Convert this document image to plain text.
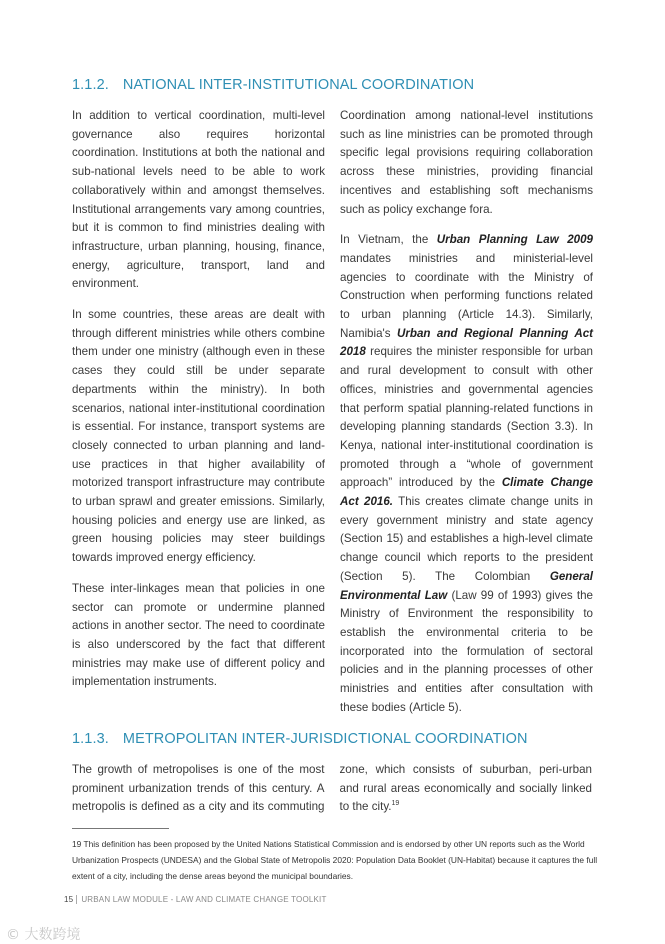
1.1.2. NATIONAL INTER-INSTITUTIONAL COORDINATION

In addition to vertical coordination, multi-level governance also requires horizontal coordination. Institutions at both the national and sub-national levels need to be able to work collaboratively within and amongst themselves. Institutional arrangements vary among countries, but it is common to find ministries dealing with infrastructure, urban planning, housing, finance, energy, agriculture, transport, land and environment.

In some countries, these areas are dealt with through different ministries while others combine them under one ministry (although even in these cases they could still be under separate departments within the ministry). In both scenarios, national inter-institutional coordination is essential. For instance, transport systems are closely connected to urban planning and land-use practices in that higher availability of motorized transport infrastructure may contribute to urban sprawl and greater emissions. Similarly, housing policies and energy use are linked, as green housing policies may steer buildings towards improved energy efficiency.

These inter-linkages mean that policies in one sector can promote or undermine planned actions in another sector. The need to coordinate is also underscored by the fact that different ministries may make use of different policy and implementation instruments.

Coordination among national-level institutions such as line ministries can be promoted through specific legal provisions requiring collaboration across these ministries, providing financial incentives and establishing soft mechanisms such as policy exchange fora.

In Vietnam, the Urban Planning Law 2009 mandates ministries and ministerial-level agencies to coordinate with the Ministry of Construction when performing functions related to urban planning (Article 14.3). Similarly, Namibia's Urban and Regional Planning Act 2018 requires the minister responsible for urban and rural development to consult with other offices, ministries and governmental agencies that perform spatial planning-related functions in developing planning standards (Section 3.3). In Kenya, national inter-institutional coordination is promoted through a “whole of government approach” introduced by the Climate Change Act 2016. This creates climate change units in every government ministry and state agency (Section 15) and establishes a high-level climate change council which reports to the president (Section 5). The Colombian General Environmental Law (Law 99 of 1993) gives the Ministry of Environment the responsibility to establish the environmental criteria to be incorporated into the formulation of sectoral policies and in the planning processes of other ministries and entities after consultation with these bodies (Article 5).

1.1.3. METROPOLITAN INTER-JURISDICTIONAL COORDINATION
The growth of metropolises is one of the most prominent urbanization trends of this century. A metropolis is defined as a city and its commuting zone, which consists of suburban, peri-urban and rural areas economically and socially linked to the city.$^{19}$
19 This definition has been proposed by the United Nations Statistical Commission and is endorsed by other UN reports such as the World Urbanization Prospects (UNDESA) and the Global State of Metropolis 2020: Population Data Booklet (UN-Habitat) because it captures the full extent of a city, including the dense areas beyond the municipal boundaries.
15 URBAN LAW MODULE - LAW AND CLIMATE CHANGE TOOLKIT
© 大数跨境
